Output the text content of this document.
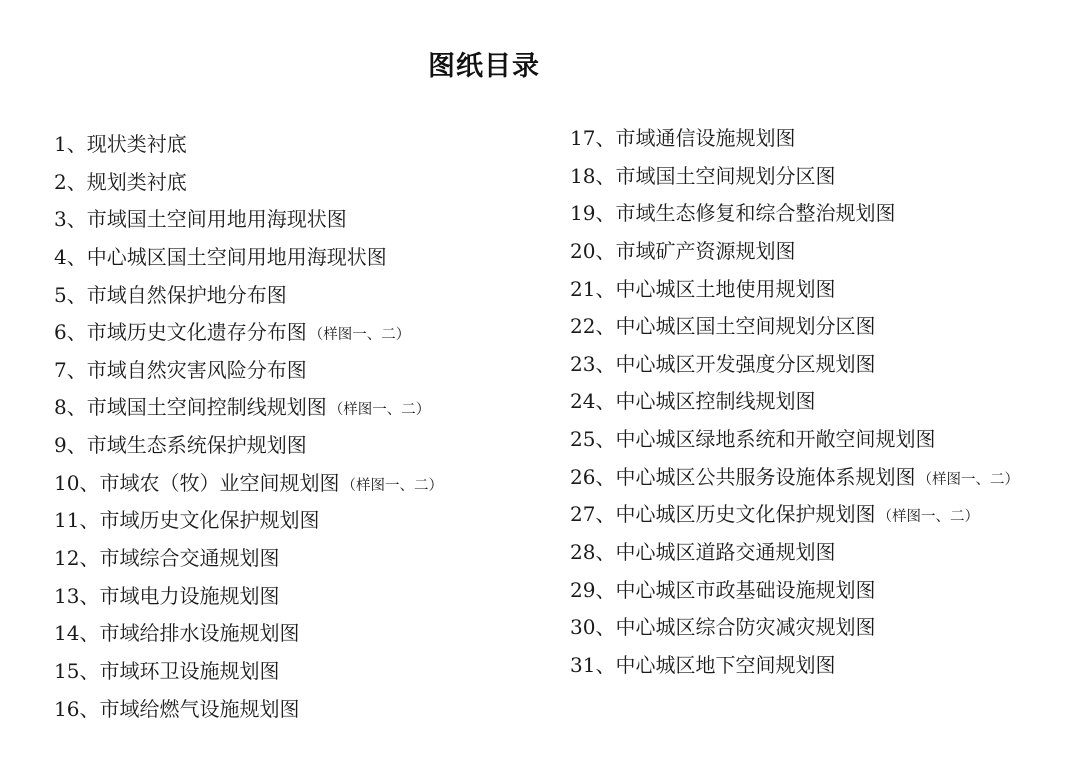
图纸目录
1、现状类衬底
2、规划类衬底
3、市域国土空间用地用海现状图
4、中心城区国土空间用地用海现状图
5、市域自然保护地分布图
6、市域历史文化遗存分布图 （样图一、二）
7、市域自然灾害风险分布图
8、市域国土空间控制线规划图 （样图一、二）
9、市域生态系统保护规划图
10、市域农（牧）业空间规划图 （样图一、二）
11、市域历史文化保护规划图
12、市域综合交通规划图
13、市域电力设施规划图
14、市域给排水设施规划图
15、市域环卫设施规划图
16、市域给燃气设施规划图
17、市域通信设施规划图
18、市域国土空间规划分区图
19、市域生态修复和综合整治规划图
20、市域矿产资源规划图
21、中心城区土地使用规划图
22、中心城区国土空间规划分区图
23、中心城区开发强度分区规划图
24、中心城区控制线规划图
25、中心城区绿地系统和开敞空间规划图
26、中心城区公共服务设施体系规划图 （样图一、二）
27、中心城区历史文化保护规划图 （样图一、二）
28、中心城区道路交通规划图
29、中心城区市政基础设施规划图
30、中心城区综合防灾减灾规划图
31、中心城区地下空间规划图
